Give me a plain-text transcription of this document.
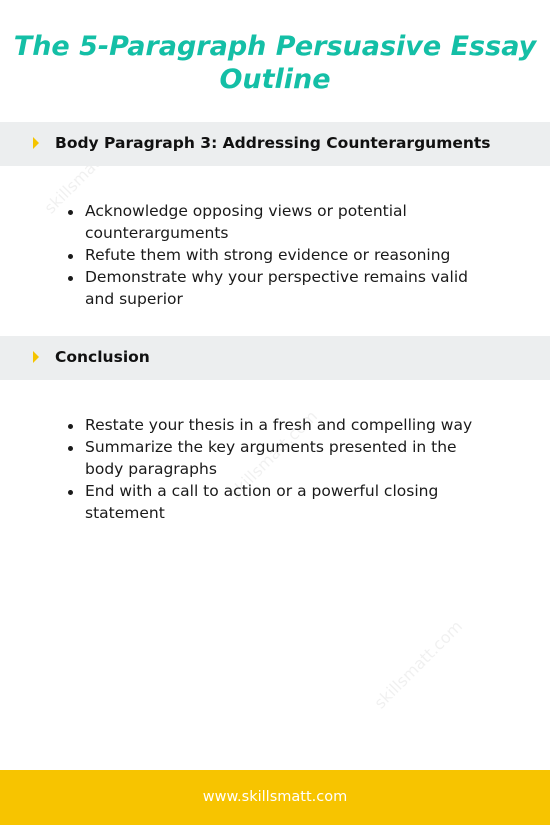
The 5-Paragraph Persuasive Essay
Outline
skillsmatt.com
skillsmatt.com
skillsmatt.com
Body Paragraph 3: Addressing Counterarguments
Acknowledge opposing views or potential counterarguments
Refute them with strong evidence or reasoning
Demonstrate why your perspective remains valid and superior
Conclusion
Restate your thesis in a fresh and compelling way
Summarize the key arguments presented in the body paragraphs
End with a call to action or a powerful closing statement
www.skillsmatt.com
